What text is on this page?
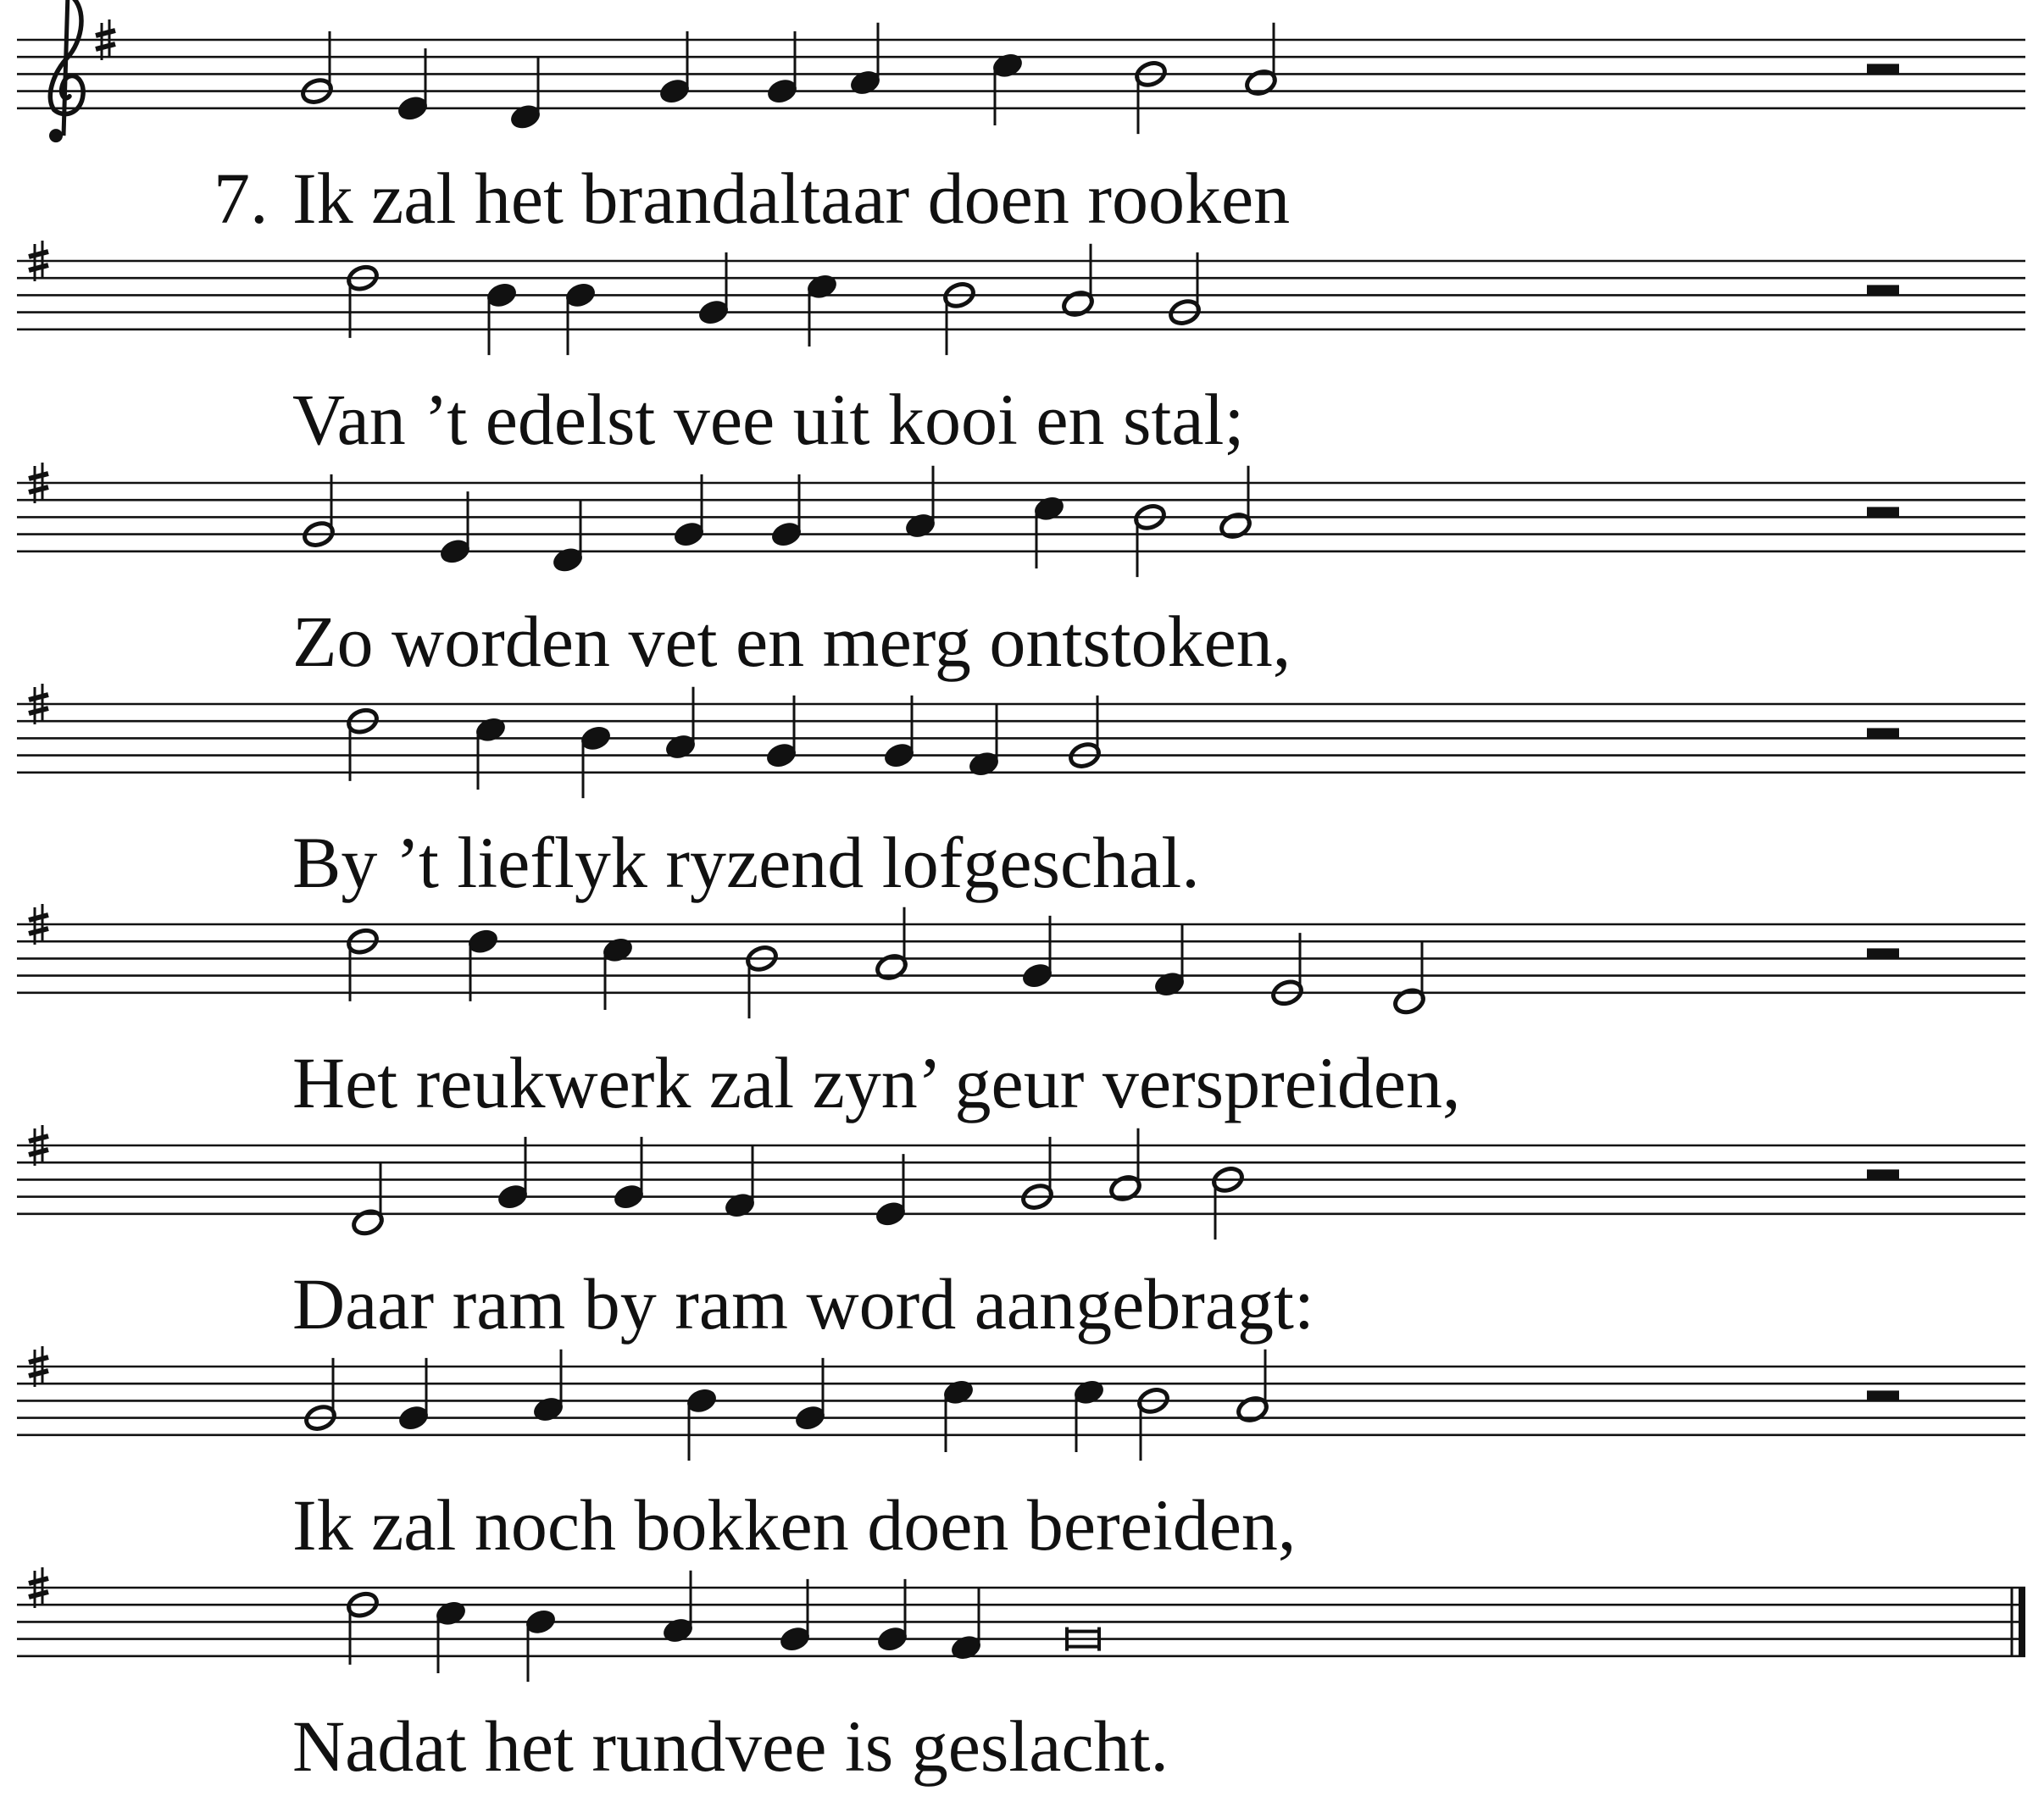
7. Ik zal het brandaltaar doen rooken
Van ’t edelst vee uit kooi en stal;
Zo worden vet en merg ontstoken,
By ’t lieflyk ryzend lofgeschal.
Het reukwerk zal zyn’ geur verspreiden,
Daar ram by ram word aangebragt:
Ik zal noch bokken doen bereiden,
Nadat het rundvee is geslacht.
